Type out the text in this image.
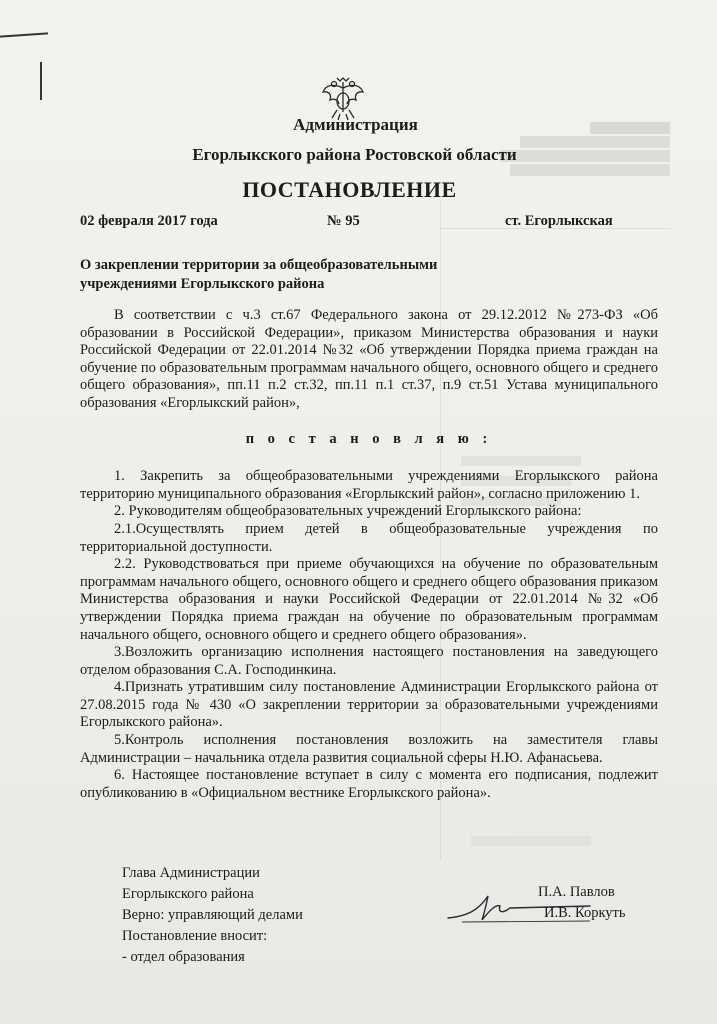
Администрация
Егорлыкского района Ростовской области
ПОСТАНОВЛЕНИЕ
02 февраля 2017 года	№ 95	ст. Егорлыкская
О закреплении территории за общеобразовательными
учреждениями Егорлыкского района

В соответствии с ч.3 ст.67 Федерального закона от 29.12.2012 №273-ФЗ «Об образовании в Российской Федерации», приказом Министерства образования и науки Российской Федерации от 22.01.2014 №32 «Об утверждении Порядка приема граждан на обучение по образовательным программам начального общего, основного общего и среднего общего образования», пп.11 п.2 ст.32, пп.11 п.1 ст.37, п.9 ст.51 Устава муниципального образования «Егорлыкский район»,

п о с т а н о в л я ю :

1. Закрепить за общеобразовательными учреждениями Егорлыкского района территорию муниципального образования «Егорлыкский район», согласно приложению 1.

2. Руководителям общеобразовательных учреждений Егорлыкского района:

2.1.Осуществлять прием детей в общеобразовательные учреждения по территориальной доступности.

2.2. Руководствоваться при приеме обучающихся на обучение по образовательным программам начального общего, основного общего и среднего общего образования приказом Министерства образования и науки Российской Федерации от 22.01.2014 №32 «Об утверждении Порядка приема граждан на обучение по образовательным программам начального общего, основного общего и среднего общего образования».

3.Возложить организацию исполнения настоящего постановления на заведующего отделом образования С.А. Господинкина.

4.Признать утратившим силу постановление Администрации Егорлыкского района от 27.08.2015 года № 430 «О закреплении территории за образовательными учреждениями Егорлыкского района».

5.Контроль исполнения постановления возложить на заместителя главы Администрации – начальника отдела развития социальной сферы Н.Ю. Афанасьева.

6. Настоящее постановление вступает в силу с момента его подписания, подлежит опубликованию в «Официальном вестнике Егорлыкского района».

Глава Администрации
Егорлыкского района
Верно: управляющий делами
Постановление вносит:
- отдел образования
П.А. Павлов
И.В. Коркуть
